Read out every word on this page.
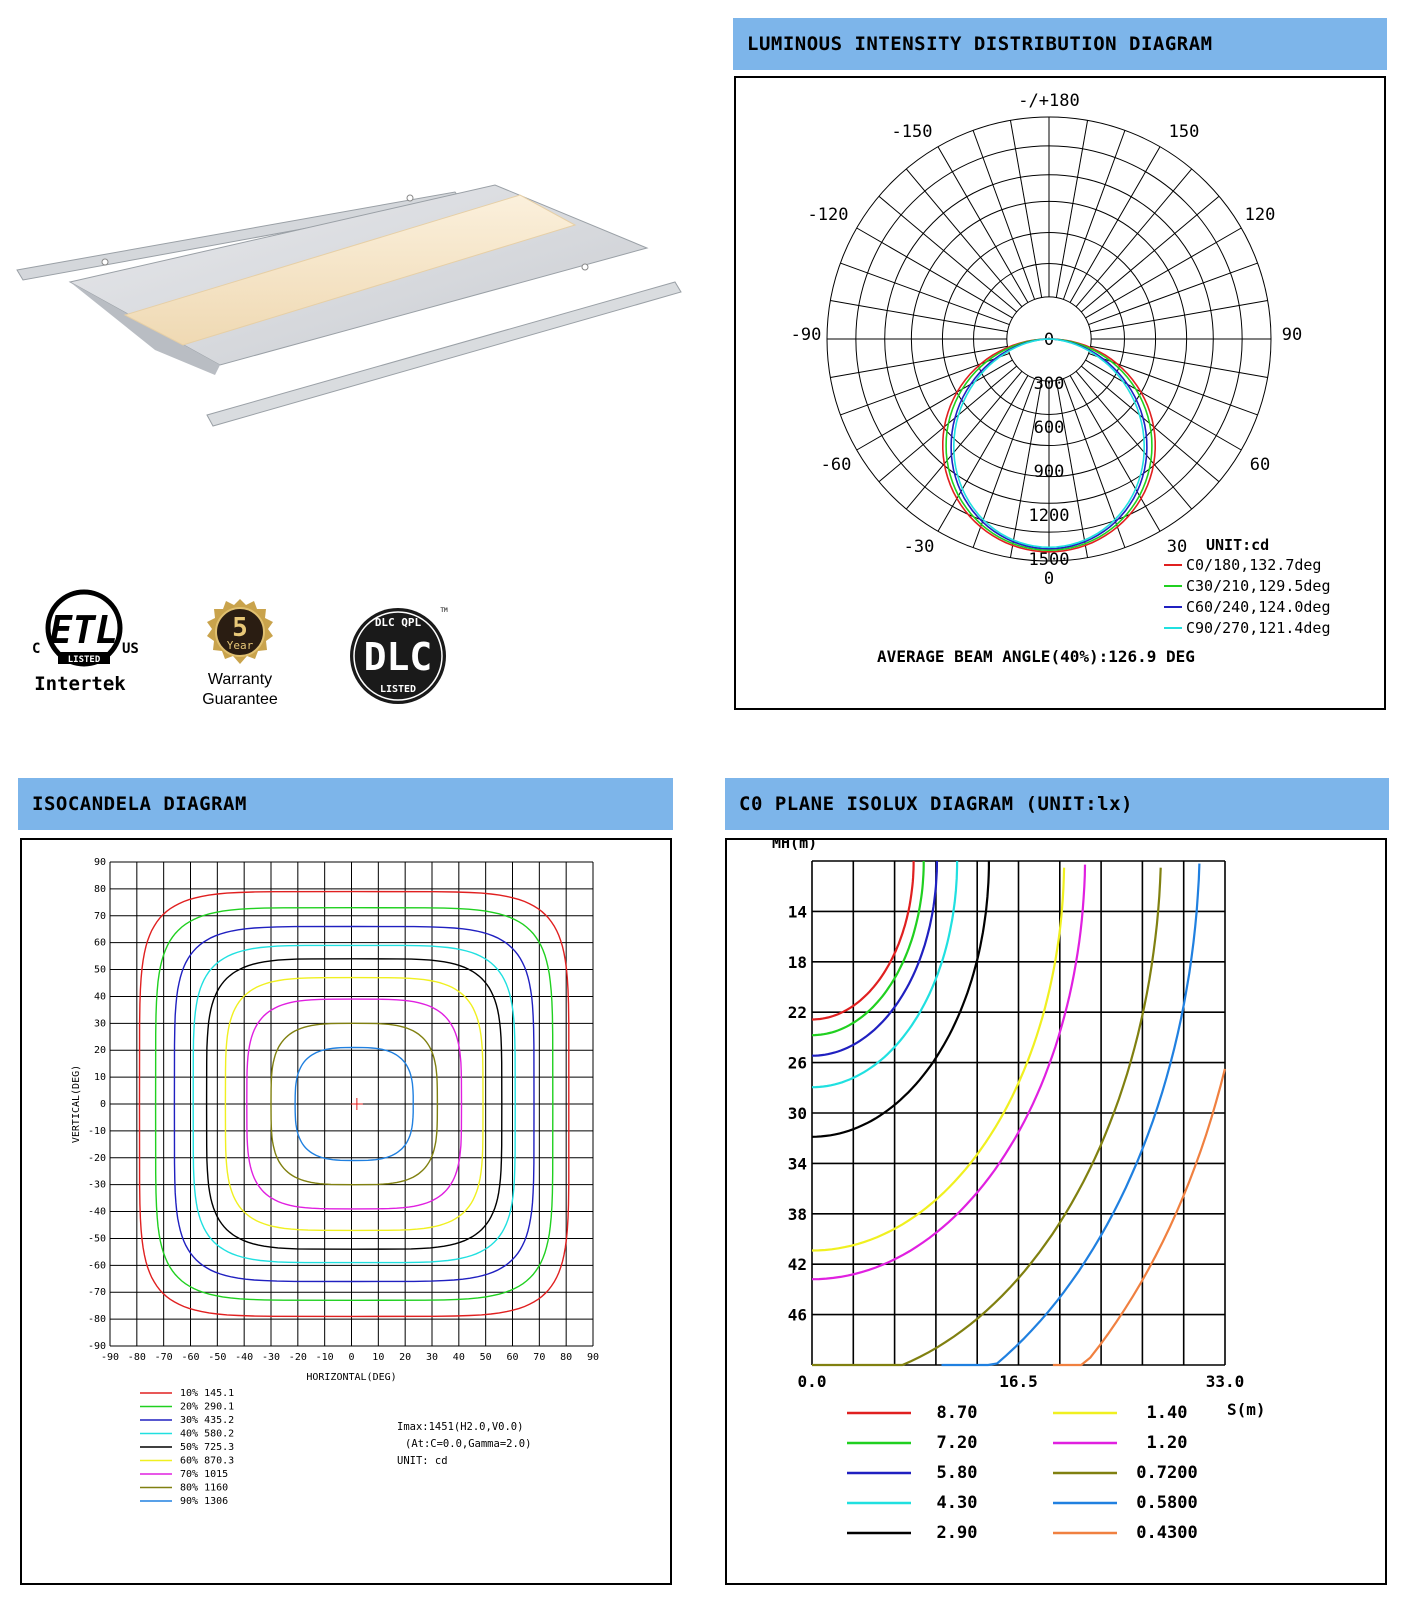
ETL
LISTED
C	US
Intertek
5
Year
Warranty
Guarantee
DLC QPL
DLC
LISTED
TM
LUMINOUS INTENSITY DISTRIBUTION DIAGRAM
ISOCANDELA DIAGRAM	C0 PLANE ISOLUX DIAGRAM (UNIT:lx)
-/+180
-150	150
-120	120
-90	90
-60	60
-30	30
0
0
300
600
900
1200
1500
UNIT:cd
C0/180,132.7deg
C30/210,129.5deg
C60/240,124.0deg
C90/270,121.4deg
AVERAGE BEAM ANGLE(40%):126.9 DEG
-90
-90
-80
-80
-70
-70
-60
-60
-50
-50
-40
-40
-30
-30
-20
-20
-10
-10
0
0
10
10
20
20
30
30
40
40
50
50
60
60
70
70
80
80
90
90
HORIZONTAL(DEG)
VERTICAL(DEG)
10% 145.1
20% 290.1
30% 435.2
40% 580.2
50% 725.3
60% 870.3
70% 1015
80% 1160
90% 1306
Imax:1451(H2.0,V0.0)
(At:C=0.0,Gamma=2.0)
UNIT: cd
MH(m)
14
18
22
26
30
34
38
42
46
0.0	16.5	33.0
S(m)
8.70
7.20
5.80
4.30
2.90
1.40
1.20
0.7200
0.5800
0.4300
